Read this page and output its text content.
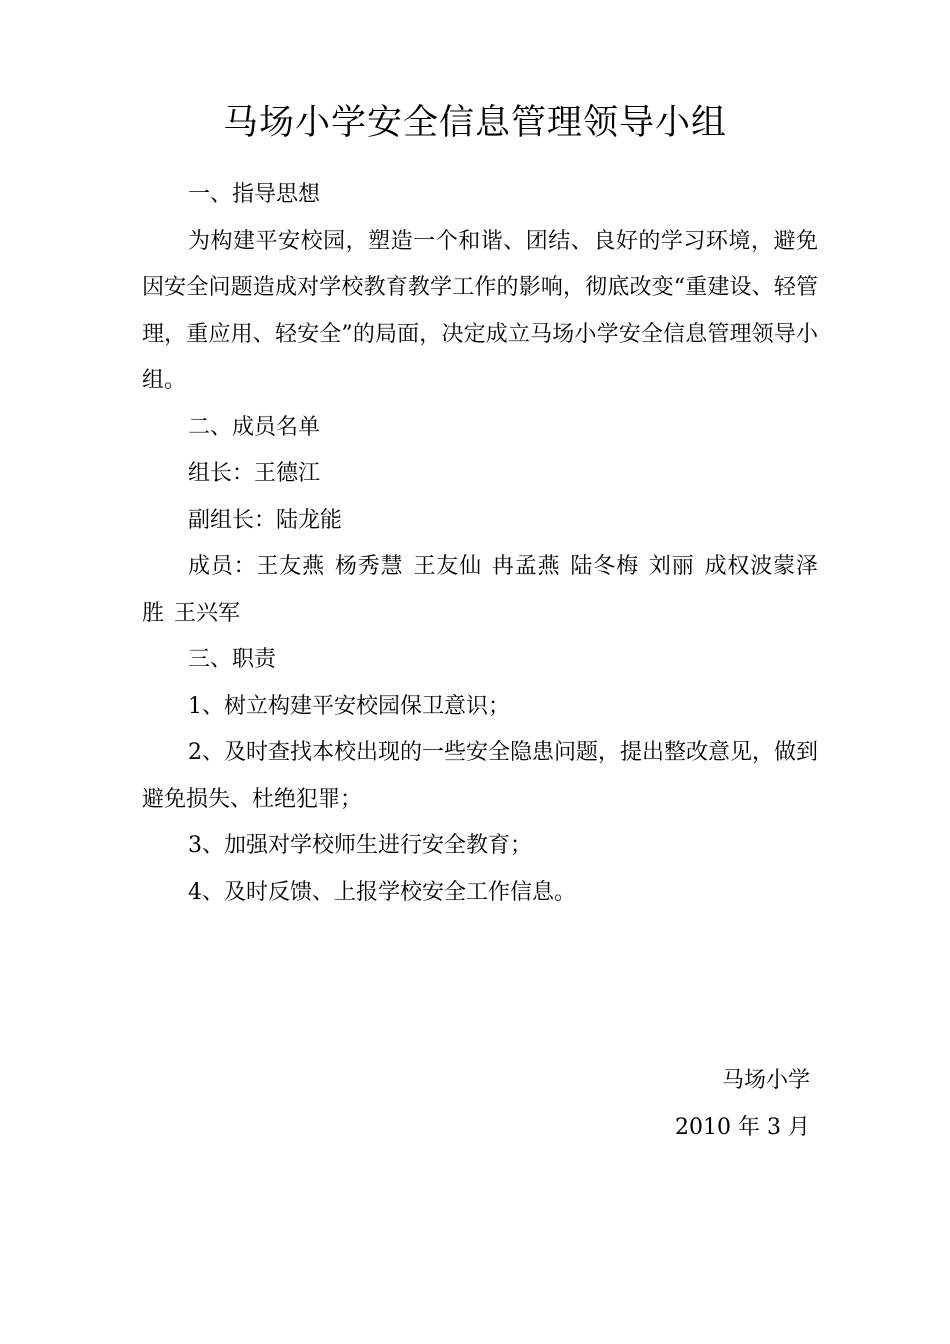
马场小学安全信息管理领导小组

一、指导思想

为构建平安校园，塑造一个和谐、团结、良好的学习环境，避免因安全问题造成对学校教育教学工作的影响，彻底改变“重建设、轻管理，重应用、轻安全”的局面，决定成立马场小学安全信息管理领导小组。

二、成员名单

组长：王德江

副组长：陆龙能

成员：王友燕 杨秀慧 王友仙 冉孟燕 陆冬梅 刘丽 成权波蒙泽胜 王兴军

三、职责

1、树立构建平安校园保卫意识；

2、及时查找本校出现的一些安全隐患问题，提出整改意见，做到避免损失、杜绝犯罪；

3、加强对学校师生进行安全教育；

4、及时反馈、上报学校安全工作信息。

马场小学
2010 年 3 月
